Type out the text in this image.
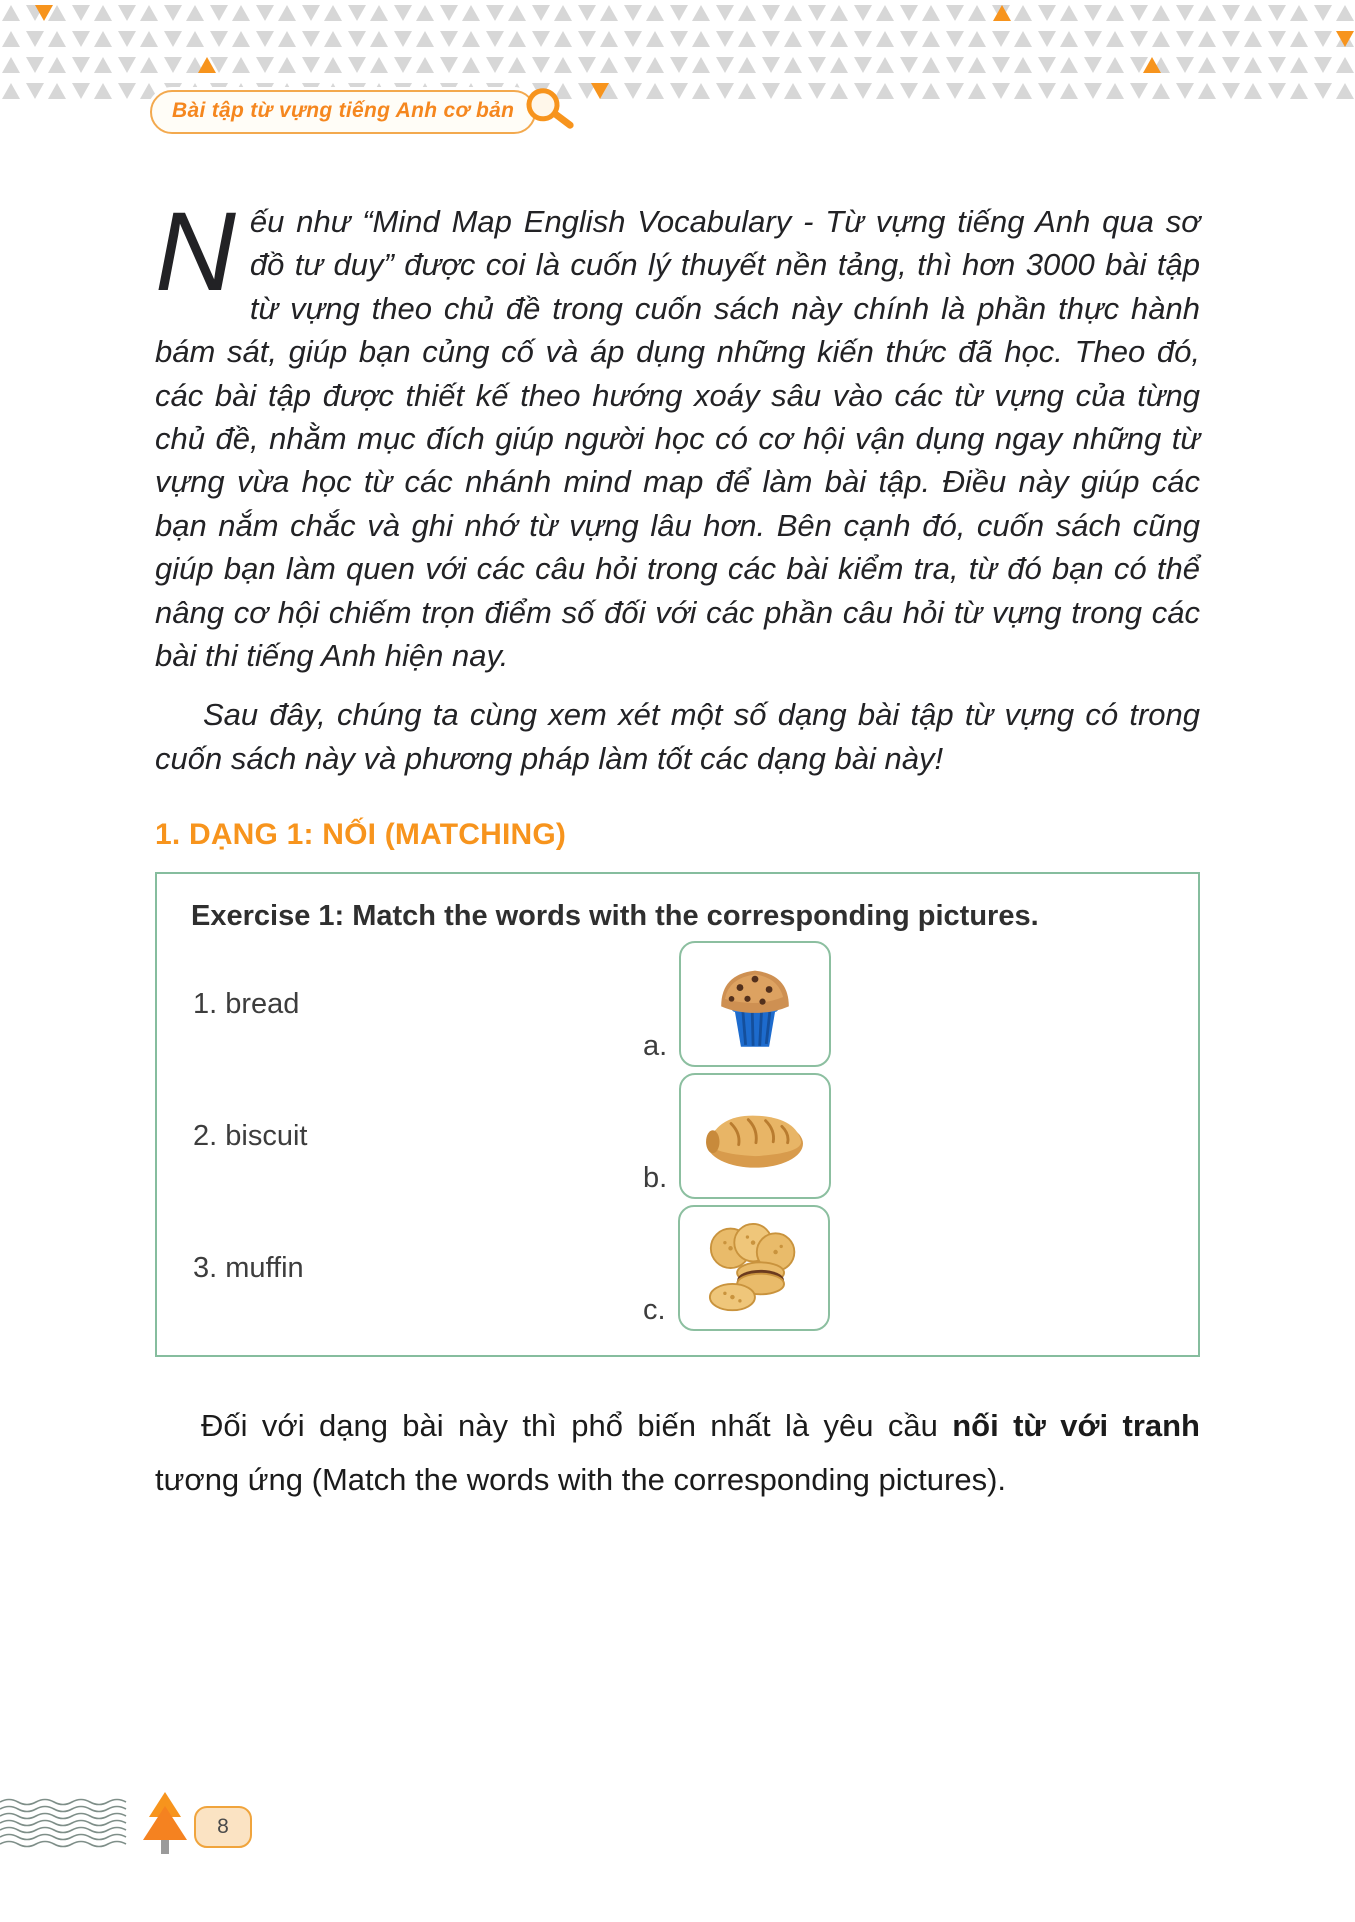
Bài tập từ vựng tiếng Anh cơ bản

Nếu như “Mind Map English Vocabulary - Từ vựng tiếng Anh qua sơ đồ tư duy” được coi là cuốn lý thuyết nền tảng, thì hơn 3000 bài tập từ vựng theo chủ đề trong cuốn sách này chính là phần thực hành bám sát, giúp bạn củng cố và áp dụng những kiến thức đã học. Theo đó, các bài tập được thiết kế theo hướng xoáy sâu vào các từ vựng của từng chủ đề, nhằm mục đích giúp người học có cơ hội vận dụng ngay những từ vựng vừa học từ các nhánh mind map để làm bài tập. Điều này giúp các bạn nắm chắc và ghi nhớ từ vựng lâu hơn. Bên cạnh đó, cuốn sách cũng giúp bạn làm quen với các câu hỏi trong các bài kiểm tra, từ đó bạn có thể nâng cơ hội chiếm trọn điểm số đối với các phần câu hỏi từ vựng trong các bài thi tiếng Anh hiện nay.

Sau đây, chúng ta cùng xem xét một số dạng bài tập từ vựng có trong cuốn sách này và phương pháp làm tốt các dạng bài này!

1. DẠNG 1: NỐI (MATCHING)
Exercise 1: Match the words with the corresponding pictures.
1. bread
a.
2. biscuit
b.
3. muffin
c.

Đối với dạng bài này thì phổ biến nhất là yêu cầu nối từ với tranh tương ứng (Match the words with the corresponding pictures).

8
